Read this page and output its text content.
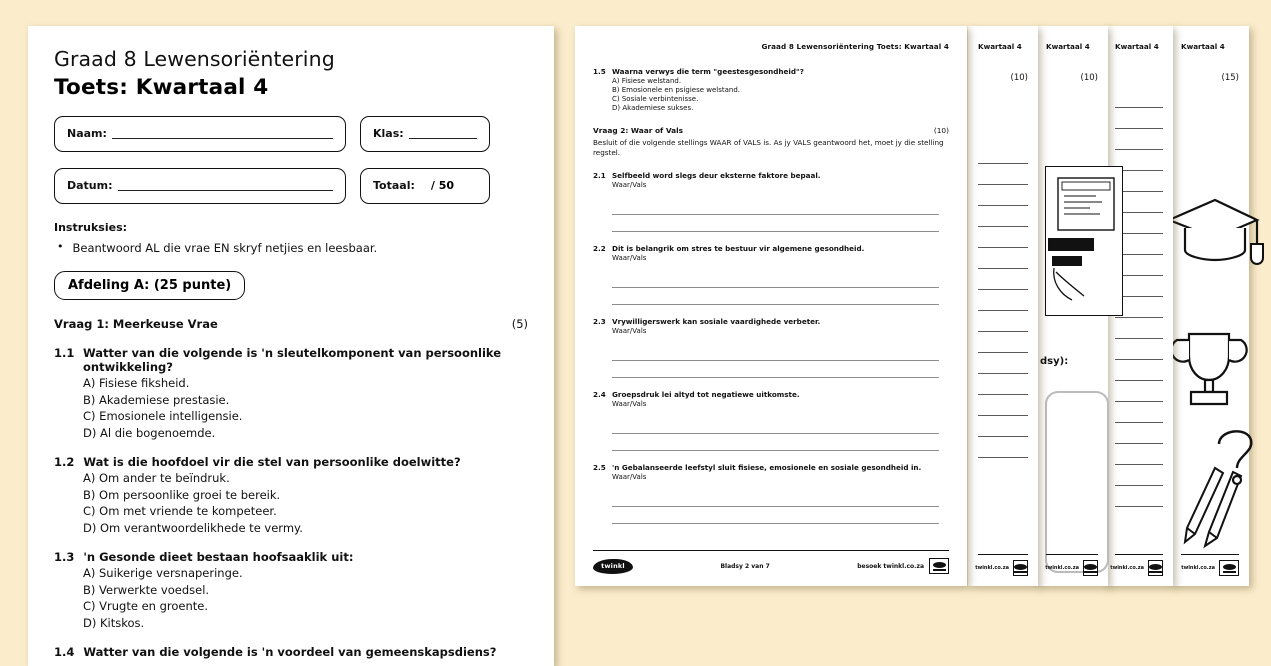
Kwartaal 4
(15)
twinkl.co.za
Kwartaal 4
twinkl.co.za
Kwartaal 4
(10)
dsy):
twinkl.co.za
Kwartaal 4
(10)
twinkl.co.za
Graad 8 Lewensoriëntering Toets: Kwartaal 4
1.5 Waarna verwys die term "geestesgesondheid"?
A) Fisiese welstand.
B) Emosionele en psigiese welstand.
C) Sosiale verbintenisse.
D) Akademiese sukses.
Vraag 2: Waar of Vals	(10)
Besluit of die volgende stellings WAAR of VALS is. As jy VALS geantwoord het, moet jy die stelling regstel.
2.1 Selfbeeld word slegs deur eksterne faktore bepaal.
Waar/Vals
2.2 Dit is belangrik om stres te bestuur vir algemene gesondheid.
Waar/Vals
2.3 Vrywilligerswerk kan sosiale vaardighede verbeter.
Waar/Vals
2.4 Groepsdruk lei altyd tot negatiewe uitkomste.
Waar/Vals
2.5 'n Gebalanseerde leefstyl sluit fisiese, emosionele en sosiale gesondheid in.
Waar/Vals
twinkl	Bladsy 2 van 7	besoek twinkl.co.za
Graad 8 Lewensoriëntering
Toets: Kwartaal 4
Naam:	Klas:
Datum:	Totaal: / 50
Instruksies:
• Beantwoord AL die vrae EN skryf netjies en leesbaar.
Afdeling A: (25 punte)
Vraag 1: Meerkeuse Vrae	(5)
1.1 Watter van die volgende is 'n sleutelkomponent van persoonlike ontwikkeling?
A) Fisiese fiksheid.
B) Akademiese prestasie.
C) Emosionele intelligensie.
D) Al die bogenoemde.
1.2 Wat is die hoofdoel vir die stel van persoonlike doelwitte?
A) Om ander te beïndruk.
B) Om persoonlike groei te bereik.
C) Om met vriende te kompeteer.
D) Om verantwoordelikhede te vermy.
1.3 'n Gesonde dieet bestaan hoofsaaklik uit:
A) Suikerige versnaperinge.
B) Verwerkte voedsel.
C) Vrugte en groente.
D) Kitskos.
1.4 Watter van die volgende is 'n voordeel van gemeenskapsdiens?
